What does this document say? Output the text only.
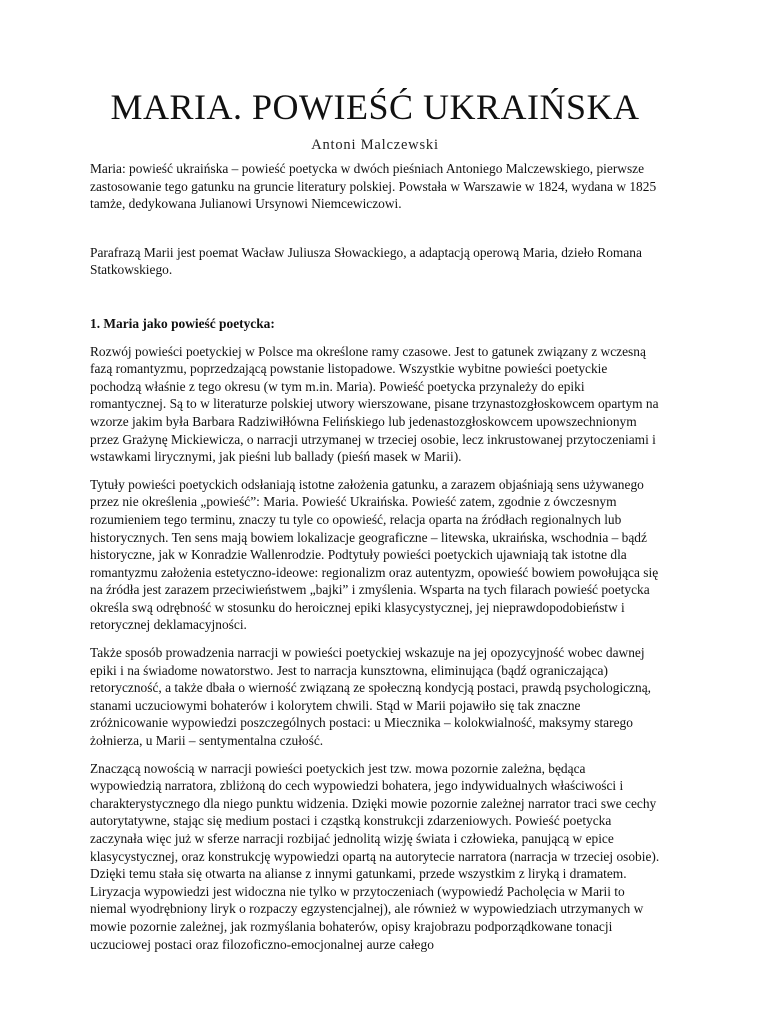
MARIA. POWIEŚĆ UKRAIŃSKA
Antoni Malczewski

Maria: powieść ukraińska – powieść poetycka w dwóch pieśniach Antoniego Malczewskiego, pierwsze zastosowanie tego gatunku na gruncie literatury polskiej. Powstała w Warszawie w 1824, wydana w 1825 tamże, dedykowana Julianowi Ursynowi Niemcewiczowi.

Parafrazą Marii jest poemat Wacław Juliusza Słowackiego, a adaptacją operową Maria, dzieło Romana Statkowskiego.

1. Maria jako powieść poetycka:

Rozwój powieści poetyckiej w Polsce ma określone ramy czasowe. Jest to gatunek związany z wczesną fazą romantyzmu, poprzedzającą powstanie listopadowe. Wszystkie wybitne powieści poetyckie pochodzą właśnie z tego okresu (w tym m.in. Maria). Powieść poetycka przynależy do epiki romantycznej. Są to w literaturze polskiej utwory wierszowane, pisane trzynastozgłoskowcem opartym na wzorze jakim była Barbara Radziwiłłówna Felińskiego lub jedenastozgłoskowcem upowszechnionym przez Grażynę Mickiewicza, o narracji utrzymanej w trzeciej osobie, lecz inkrustowanej przytoczeniami i wstawkami lirycznymi, jak pieśni lub ballady (pieśń masek w Marii).

Tytuły powieści poetyckich odsłaniają istotne założenia gatunku, a zarazem objaśniają sens używanego przez nie określenia „powieść”: Maria. Powieść Ukraińska. Powieść zatem, zgodnie z ówczesnym rozumieniem tego terminu, znaczy tu tyle co opowieść, relacja oparta na źródłach regionalnych lub historycznych. Ten sens mają bowiem lokalizacje geograficzne – litewska, ukraińska, wschodnia – bądź historyczne, jak w Konradzie Wallenrodzie. Podtytuły powieści poetyckich ujawniają tak istotne dla romantyzmu założenia estetyczno-ideowe: regionalizm oraz autentyzm, opowieść bowiem powołująca się na źródła jest zarazem przeciwieństwem „bajki” i zmyślenia. Wsparta na tych filarach powieść poetycka określa swą odrębność w stosunku do heroicznej epiki klasycystycznej, jej nieprawdopodobieństw i retorycznej deklamacyjności.

Także sposób prowadzenia narracji w powieści poetyckiej wskazuje na jej opozycyjność wobec dawnej epiki i na świadome nowatorstwo. Jest to narracja kunsztowna, eliminująca (bądź ograniczająca) retoryczność, a także dbała o wierność związaną ze społeczną kondycją postaci, prawdą psychologiczną, stanami uczuciowymi bohaterów i kolorytem chwili. Stąd w Marii pojawiło się tak znaczne zróżnicowanie wypowiedzi poszczególnych postaci: u Miecznika – kolokwialność, maksymy starego żołnierza, u Marii – sentymentalna czułość.

Znaczącą nowością w narracji powieści poetyckich jest tzw. mowa pozornie zależna, będąca wypowiedzią narratora, zbliżoną do cech wypowiedzi bohatera, jego indywidualnych właściwości i charakterystycznego dla niego punktu widzenia. Dzięki mowie pozornie zależnej narrator traci swe cechy autorytatywne, stając się medium postaci i cząstką konstrukcji zdarzeniowych. Powieść poetycka zaczynała więc już w sferze narracji rozbijać jednolitą wizję świata i człowieka, panującą w epice klasycystycznej, oraz konstrukcję wypowiedzi opartą na autorytecie narratora (narracja w trzeciej osobie). Dzięki temu stała się otwarta na alianse z innymi gatunkami, przede wszystkim z liryką i dramatem. Liryzacja wypowiedzi jest widoczna nie tylko w przytoczeniach (wypowiedź Pacholęcia w Marii to niemal wyodrębniony liryk o rozpaczy egzystencjalnej), ale również w wypowiedziach utrzymanych w mowie pozornie zależnej, jak rozmyślania bohaterów, opisy krajobrazu podporządkowane tonacji uczuciowej postaci oraz filozoficzno-emocjonalnej aurze całego
